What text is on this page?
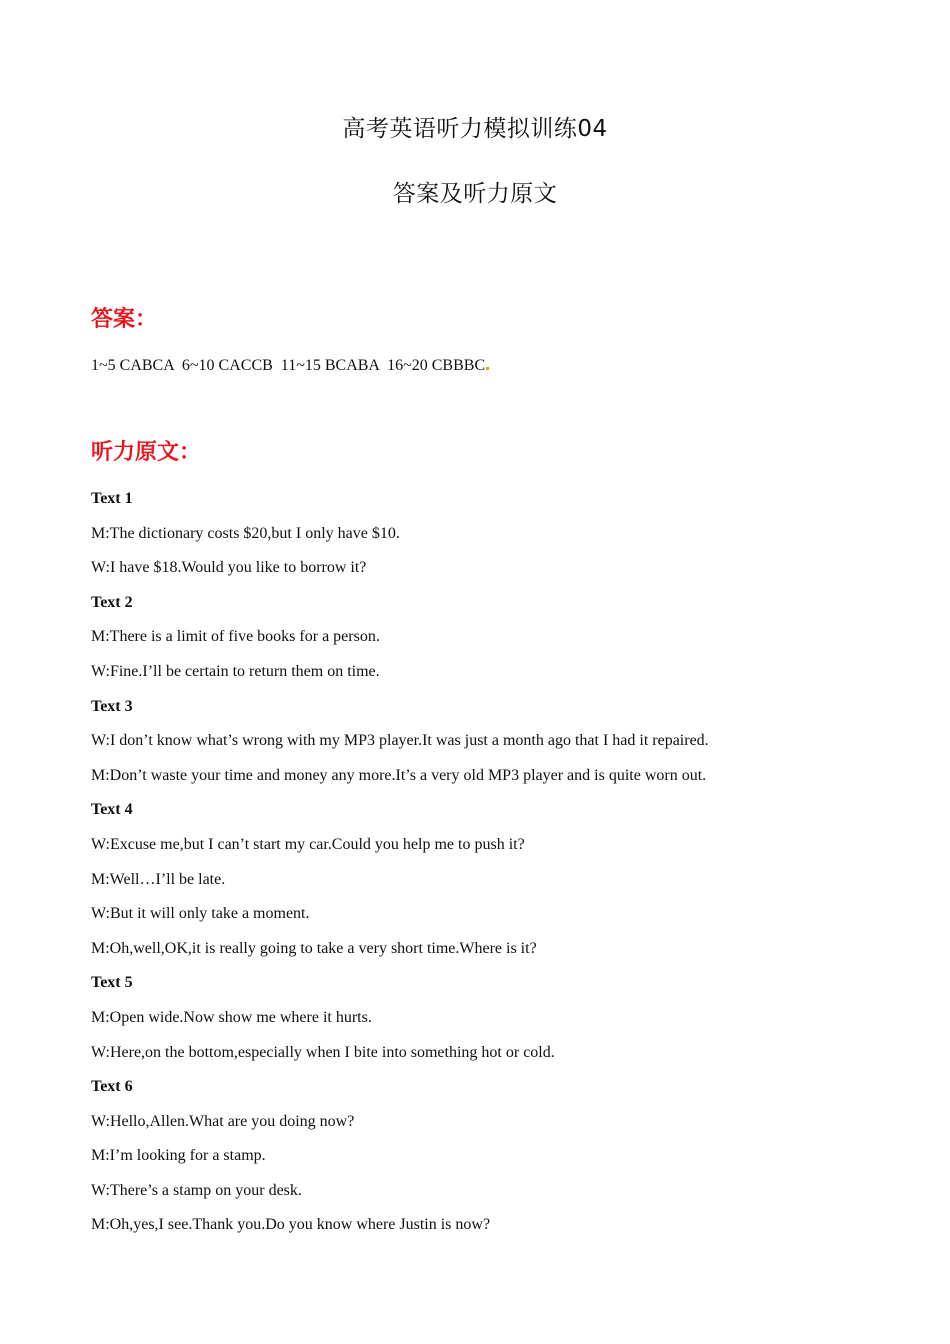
高考英语听力模拟训练04
答案及听力原文
答案：
1~5 CABCA  6~10 CACCB  11~15 BCABA  16~20 CBBBC
听力原文：
Text 1
M:The dictionary costs $20,but I only have $10.
W:I have $18.Would you like to borrow it?
Text 2
M:There is a limit of five books for a person.
W:Fine.I’ll be certain to return them on time.
Text 3
W:I don’t know what’s wrong with my MP3 player.It was just a month ago that I had it repaired.
M:Don’t waste your time and money any more.It’s a very old MP3 player and is quite worn out.
Text 4
W:Excuse me,but I can’t start my car.Could you help me to push it?
M:Well…I’ll be late.
W:But it will only take a moment.
M:Oh,well,OK,it is really going to take a very short time.Where is it?
Text 5
M:Open wide.Now show me where it hurts.
W:Here,on the bottom,especially when I bite into something hot or cold.
Text 6
W:Hello,Allen.What are you doing now?
M:I’m looking for a stamp.
W:There’s a stamp on your desk.
M:Oh,yes,I see.Thank you.Do you know where Justin is now?
